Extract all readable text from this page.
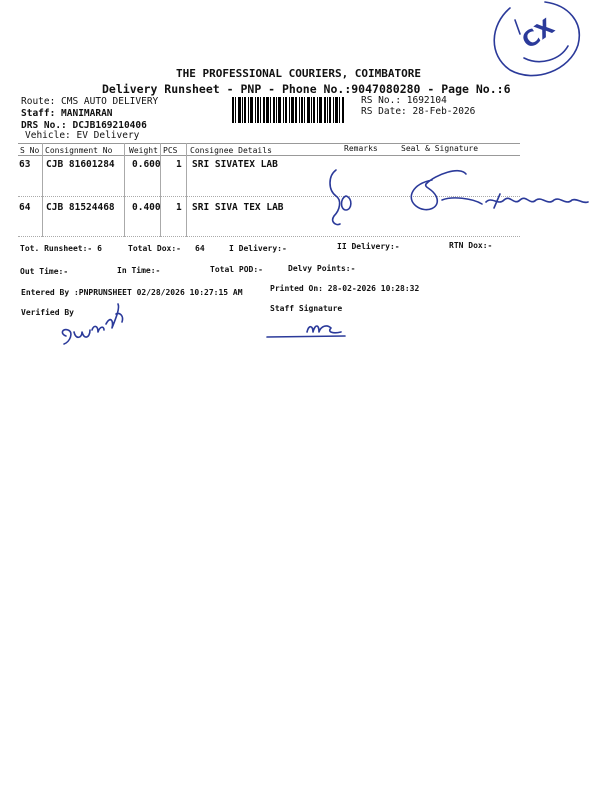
CX
THE PROFESSIONAL COURIERS, COIMBATORE
Delivery Runsheet - PNP - Phone No.:9047080280 - Page No.:6
Route: CMS AUTO DELIVERY
Staff: MANIMARAN
DRS No.: DCJB169210406
Vehicle: EV Delivery
RS No.: 1692104
RS Date: 28-Feb-2026
S No Consignment No Weight PCS Consignee Details	Remarks	Seal & Signature
63 CJB 81601284 0.600 1 SRI SIVATEX LAB
64 CJB 81524468 0.400 1 SRI SIVA TEX LAB
Tot. Runsheet:- 6	Total Dox:- 64	I Delivery:-	II Delivery:-	RTN Dox:-
Out Time:-	In Time:-	Total POD:-	Delvy Points:-
Entered By :PNPRUNSHEET 02/28/2026 10:27:15 AM	Printed On: 28-02-2026 10:28:32
Verified By	Staff Signature
